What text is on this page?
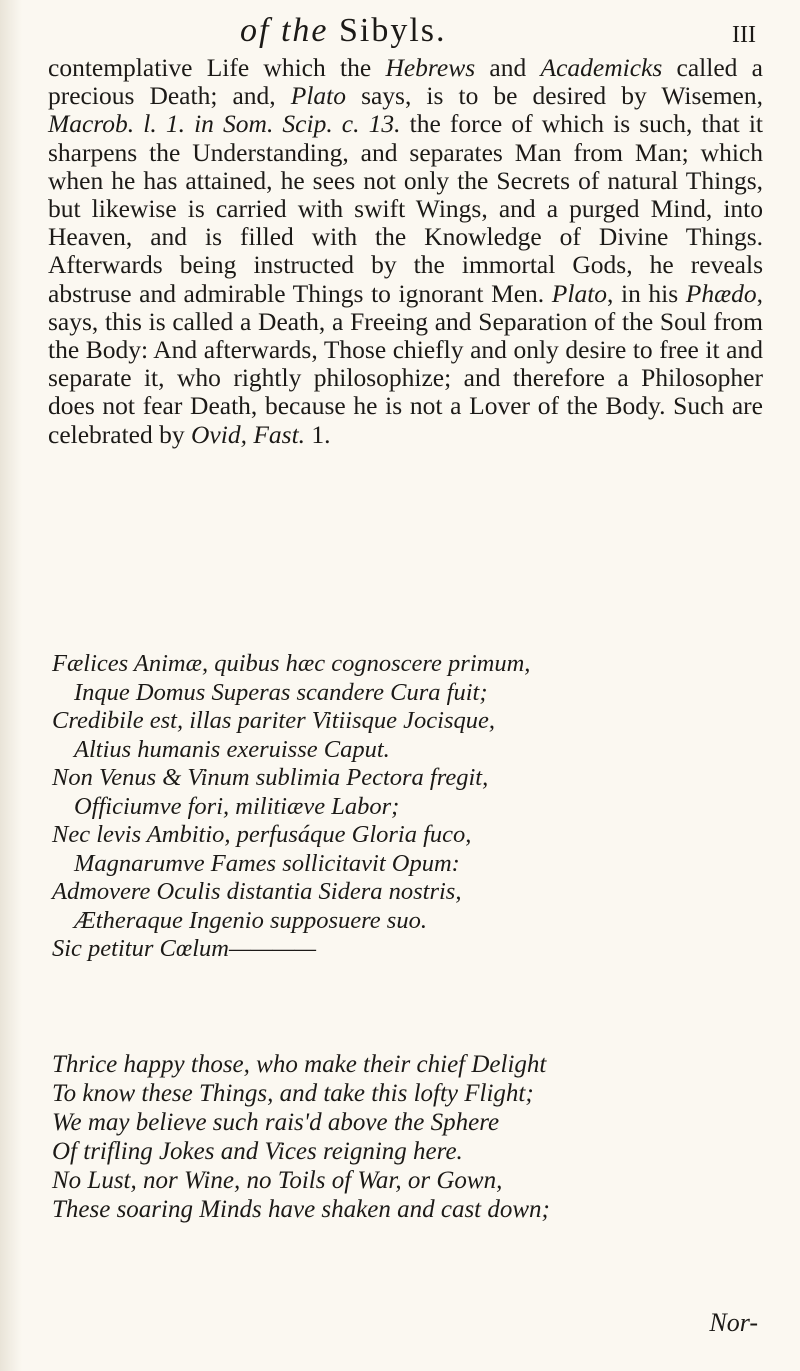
of the Sibyls.	III

contemplative Life which the Hebrews and Academicks called a precious Death; and, Plato says, is to be desired by Wisemen, Macrob. l. 1. in Som. Scip. c. 13. the force of which is such, that it sharpens the Understanding, and separates Man from Man; which when he has attained, he sees not only the Secrets of natural Things, but likewise is carried with swift Wings, and a purged Mind, into Heaven, and is filled with the Knowledge of Divine Things. Afterwards being instructed by the immortal Gods, he reveals abstruse and admirable Things to ignorant Men. Plato, in his Phædo, says, this is called a Death, a Freeing and Separation of the Soul from the Body: And afterwards, Those chiefly and only desire to free it and separate it, who rightly philosophize; and therefore a Philosopher does not fear Death, because he is not a Lover of the Body. Such are celebrated by Ovid, Fast. 1.

Fælices Animæ, quibus hæc cognoscere primum,
Inque Domus Superas scandere Cura fuit;
Credibile est, illas pariter Vitiisque Jocisque,
Altius humanis exeruisse Caput.
Non Venus & Vinum sublimia Pectora fregit,
Officiumve fori, militiæve Labor;
Nec levis Ambitio, perfusáque Gloria fuco,
Magnarumve Fames sollicitavit Opum:
Admovere Oculis distantia Sidera nostris,
Ætheraque Ingenio supposuere suo.
Sic petitur Cœlum————
Thrice happy those, who make their chief Delight
To know these Things, and take this lofty Flight;
We may believe such rais'd above the Sphere
Of trifling Jokes and Vices reigning here.
No Lust, nor Wine, no Toils of War, or Gown,
These soaring Minds have shaken and cast down;
Nor-
